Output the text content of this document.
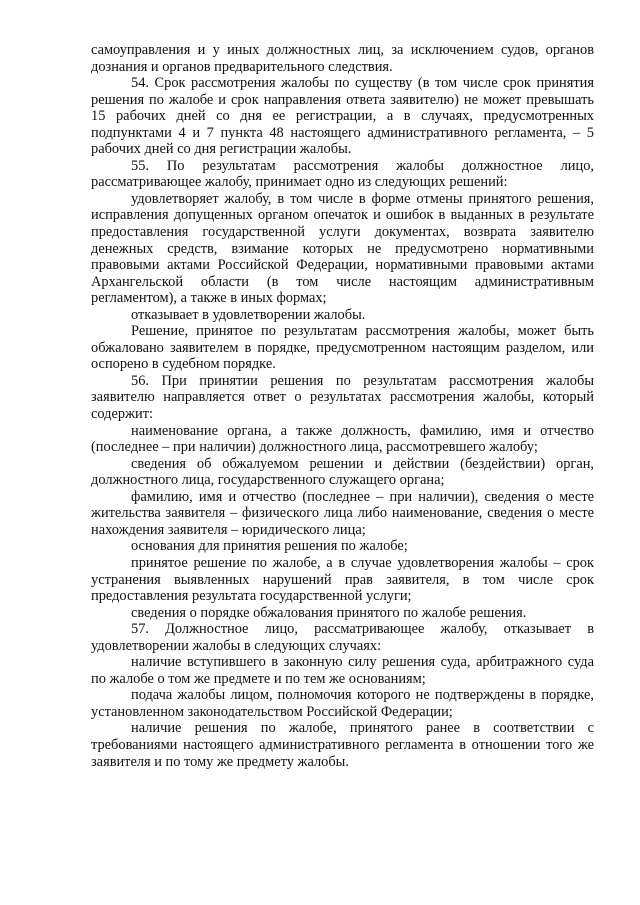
самоуправления и у иных должностных лиц, за исключением судов, органов дознания и органов предварительного следствия.

54. Срок рассмотрения жалобы по существу (в том числе срок принятия решения по жалобе и срок направления ответа заявителю) не может превышать 15 рабочих дней со дня ее регистрации, а в случаях, предусмотренных подпунктами 4 и 7 пункта 48 настоящего административного регламента, – 5 рабочих дней со дня регистрации жалобы.

55. По результатам рассмотрения жалобы должностное лицо, рассматривающее жалобу, принимает одно из следующих решений:

удовлетворяет жалобу, в том числе в форме отмены принятого решения, исправления допущенных органом опечаток и ошибок в выданных в результате предоставления государственной услуги документах, возврата заявителю денежных средств, взимание которых не предусмотрено нормативными правовыми актами Российской Федерации, нормативными правовыми актами Архангельской области (в том числе настоящим административным регламентом), а также в иных формах;

отказывает в удовлетворении жалобы.

Решение, принятое по результатам рассмотрения жалобы, может быть обжаловано заявителем в порядке, предусмотренном настоящим разделом, или оспорено в судебном порядке.

56. При принятии решения по результатам рассмотрения жалобы заявителю направляется ответ о результатах рассмотрения жалобы, который содержит:

наименование органа, а также должность, фамилию, имя и отчество (последнее – при наличии) должностного лица, рассмотревшего жалобу;

сведения об обжалуемом решении и действии (бездействии) орган, должностного лица, государственного служащего органа;

фамилию, имя и отчество (последнее – при наличии), сведения о месте жительства заявителя – физического лица либо наименование, сведения о месте нахождения заявителя – юридического лица;

основания для принятия решения по жалобе;

принятое решение по жалобе, а в случае удовлетворения жалобы – срок устранения выявленных нарушений прав заявителя, в том числе срок предоставления результата государственной услуги;

сведения о порядке обжалования принятого по жалобе решения.

57. Должностное лицо, рассматривающее жалобу, отказывает в удовлетворении жалобы в следующих случаях:

наличие вступившего в законную силу решения суда, арбитражного суда по жалобе о том же предмете и по тем же основаниям;

подача жалобы лицом, полномочия которого не подтверждены в порядке, установленном законодательством Российской Федерации;

наличие решения по жалобе, принятого ранее в соответствии с требованиями настоящего административного регламента в отношении того же заявителя и по тому же предмету жалобы.
